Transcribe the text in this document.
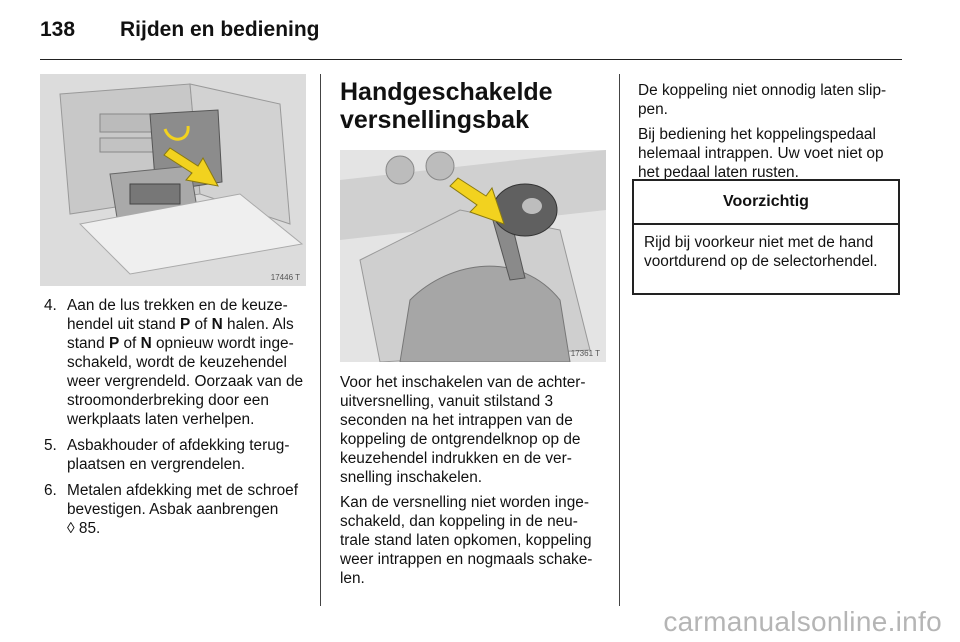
138 Rijden en bediening
17446 T
4. Aan de lus trekken en de keuze- hendel uit stand P of N halen. Als stand P of N opnieuw wordt inge- schakeld, wordt de keuzehendel weer vergrendeld. Oorzaak van de stroomonderbreking door een werkplaats laten verhelpen.
5. Asbakhouder of afdekking terug- plaatsen en vergrendelen.
6. Metalen afdekking met de schroef bevestigen. Asbak aanbrengen
◊ 85.
Handgeschakelde versnellingsbak
17361 T

Voor het inschakelen van de achter- uitversnelling, vanuit stilstand 3 seconden na het intrappen van de koppeling de ontgrendelknop op de keuzehendel indrukken en de ver- snelling inschakelen.

Kan de versnelling niet worden inge- schakeld, dan koppeling in de neu- trale stand laten opkomen, koppeling weer intrappen en nogmaals schake- len.

De koppeling niet onnodig laten slip- pen.

Bij bediening het koppelingspedaal helemaal intrappen. Uw voet niet op het pedaal laten rusten.

Voorzichtig
Rijd bij voorkeur niet met de hand voortdurend op de selectorhendel.
carmanualsonline.info
